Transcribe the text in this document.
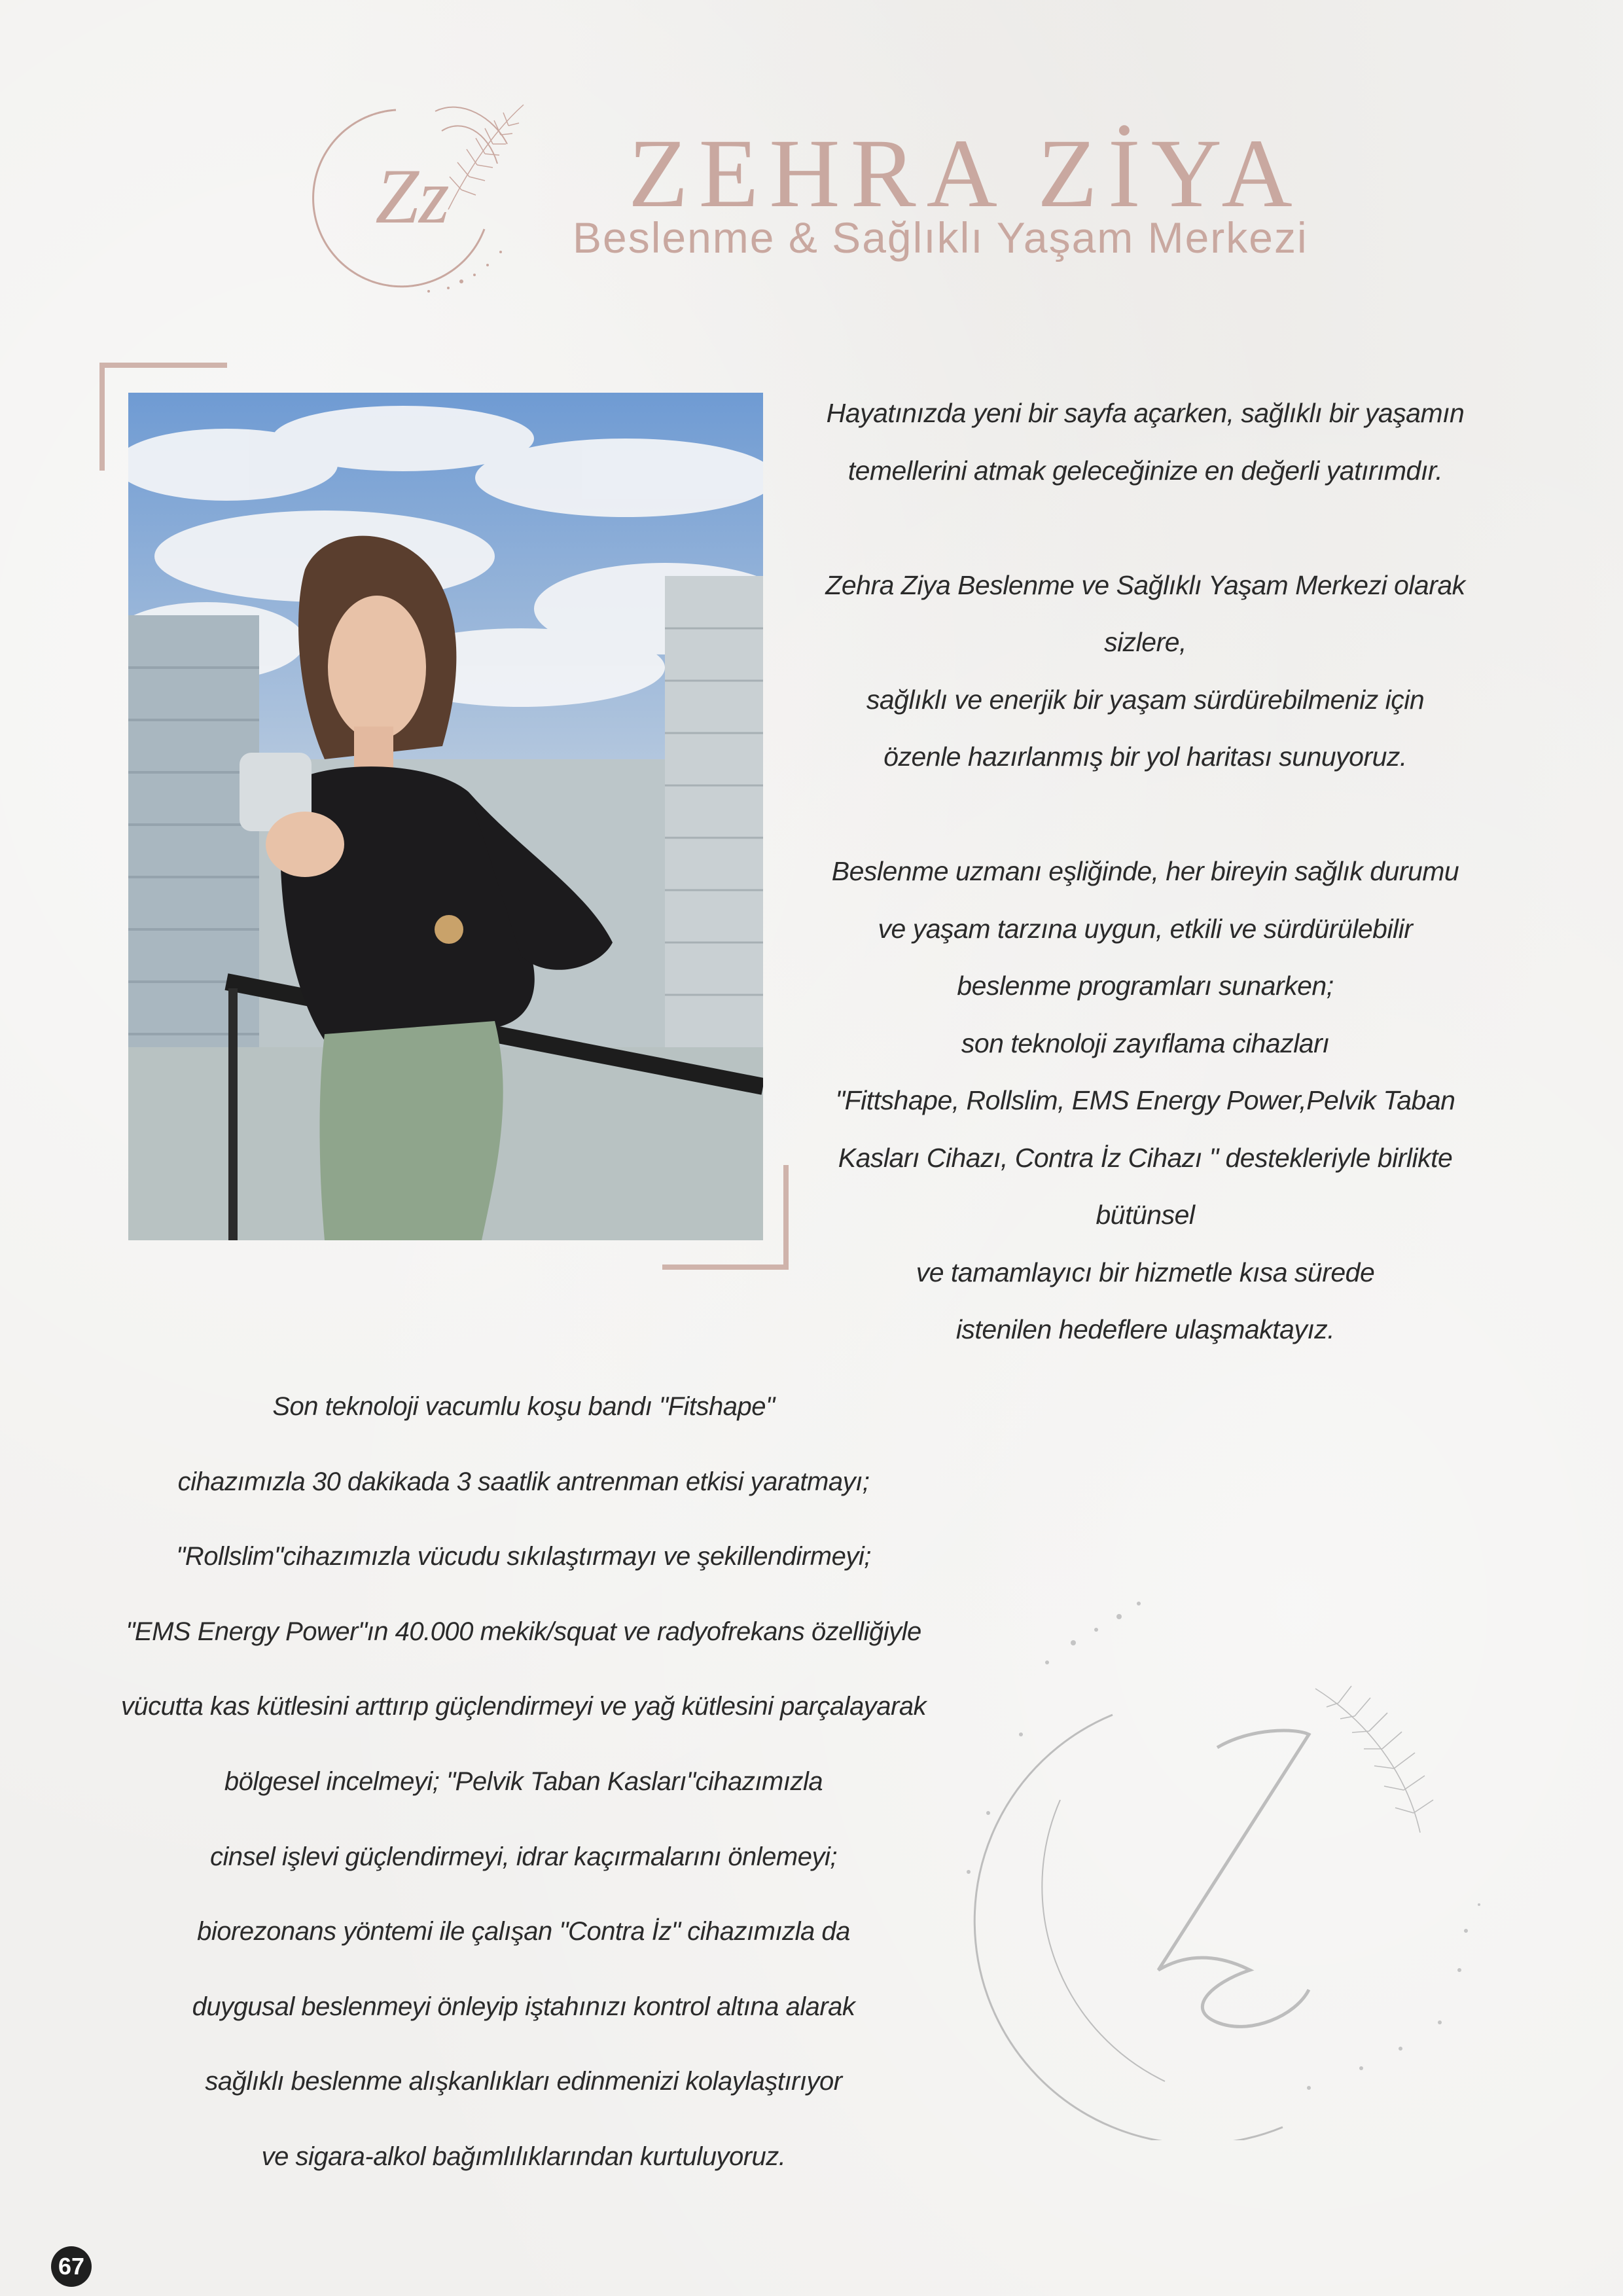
Zz ZEHRA ZİYA

Beslenme & Sağlıklı Yaşam Merkezi

Hayatınızda yeni bir sayfa açarken, sağlıklı bir yaşamın
temellerini atmak geleceğinize en değerli yatırımdır.
Zehra Ziya Beslenme ve Sağlıklı Yaşam Merkezi olarak sizlere,
sağlıklı ve enerjik bir yaşam sürdürebilmeniz için
özenle hazırlanmış bir yol haritası sunuyoruz.
Beslenme uzmanı eşliğinde, her bireyin sağlık durumu
ve yaşam tarzına uygun, etkili ve sürdürülebilir
beslenme programları sunarken;
son teknoloji zayıflama cihazları
"Fittshape, Rollslim, EMS Energy Power,Pelvik Taban
Kasları Cihazı, Contra İz Cihazı " destekleriyle birlikte bütünsel
ve tamamlayıcı bir hizmetle kısa sürede
istenilen hedeflere ulaşmaktayız.
Son teknoloji vacumlu koşu bandı "Fitshape"
cihazımızla 30 dakikada 3 saatlik antrenman etkisi yaratmayı;
"Rollslim"cihazımızla vücudu sıkılaştırmayı ve şekillendirmeyi;
"EMS Energy Power"ın 40.000 mekik/squat ve radyofrekans özelliğiyle
vücutta kas kütlesini arttırıp güçlendirmeyi ve yağ kütlesini parçalayarak
bölgesel incelmeyi; "Pelvik Taban Kasları"cihazımızla
cinsel işlevi güçlendirmeyi, idrar kaçırmalarını önlemeyi;
biorezonans yöntemi ile çalışan "Contra İz" cihazımızla da
duygusal beslenmeyi önleyip iştahınızı kontrol altına alarak
sağlıklı beslenme alışkanlıkları edinmenizi kolaylaştırıyor
ve sigara-alkol bağımlılıklarından kurtuluyoruz.
67
